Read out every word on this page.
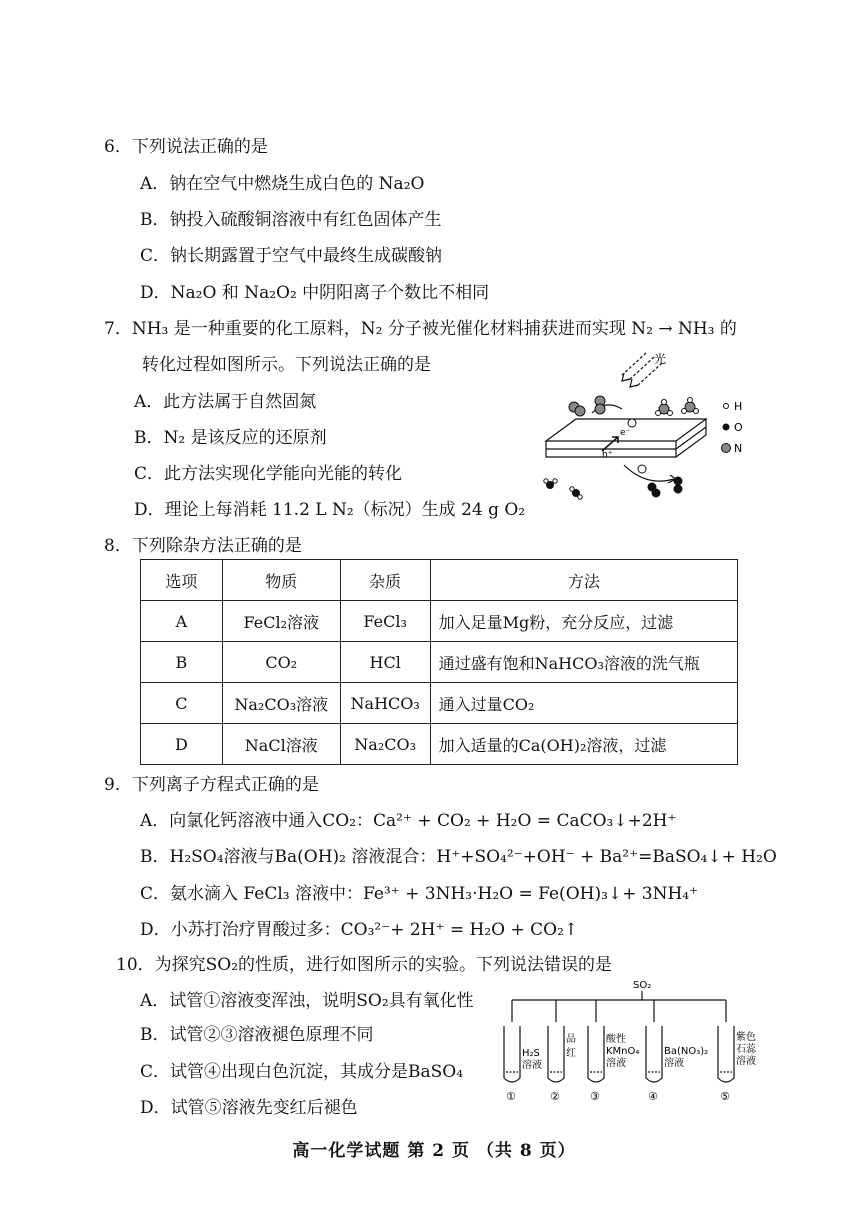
6．下列说法正确的是
A．钠在空气中燃烧生成白色的 Na₂O
B．钠投入硫酸铜溶液中有红色固体产生
C．钠长期露置于空气中最终生成碳酸钠
D．Na₂O 和 Na₂O₂ 中阴阳离子个数比不相同
7．NH₃ 是一种重要的化工原料，N₂ 分子被光催化材料捕获进而实现 N₂ → NH₃ 的
转化过程如图所示。下列说法正确的是
A．此方法属于自然固氮
B．N₂ 是该反应的还原剂
C．此方法实现化学能向光能的转化
D．理论上每消耗 11.2 L N₂（标况）生成 24 g O₂
光
e⁻
h⁺
H
O
N
8．下列除杂方法正确的是
选项	物质	杂质	方法
A	FeCl₂溶液	FeCl₃	加入足量Mg粉，充分反应，过滤
B	CO₂	HCl	通过盛有饱和NaHCO₃溶液的洗气瓶
C	Na₂CO₃溶液	NaHCO₃	通入过量CO₂
D	NaCl溶液	Na₂CO₃	加入适量的Ca(OH)₂溶液，过滤
9．下列离子方程式正确的是
A．向氯化钙溶液中通入CO₂：Ca²⁺ + CO₂ + H₂O = CaCO₃↓+2H⁺
B．H₂SO₄溶液与Ba(OH)₂ 溶液混合：H⁺+SO₄²⁻+OH⁻ + Ba²⁺=BaSO₄↓+ H₂O
C．氨水滴入 FeCl₃ 溶液中：Fe³⁺ + 3NH₃·H₂O = Fe(OH)₃↓+ 3NH₄⁺
D．小苏打治疗胃酸过多：CO₃²⁻+ 2H⁺ = H₂O + CO₂↑
10．为探究SO₂的性质，进行如图所示的实验。下列说法错误的是
A．试管①溶液变浑浊，说明SO₂具有氧化性
B．试管②③溶液褪色原理不同
C．试管④出现白色沉淀，其成分是BaSO₄
D．试管⑤溶液先变红后褪色
SO₂
H₂S
溶液
品
红
酸性
KMnO₄
溶液
Ba(NO₃)₂
溶液
紫色
石蕊
溶液
①	②	③	④	⑤
高一化学试题 第 2 页 （共 8 页）
